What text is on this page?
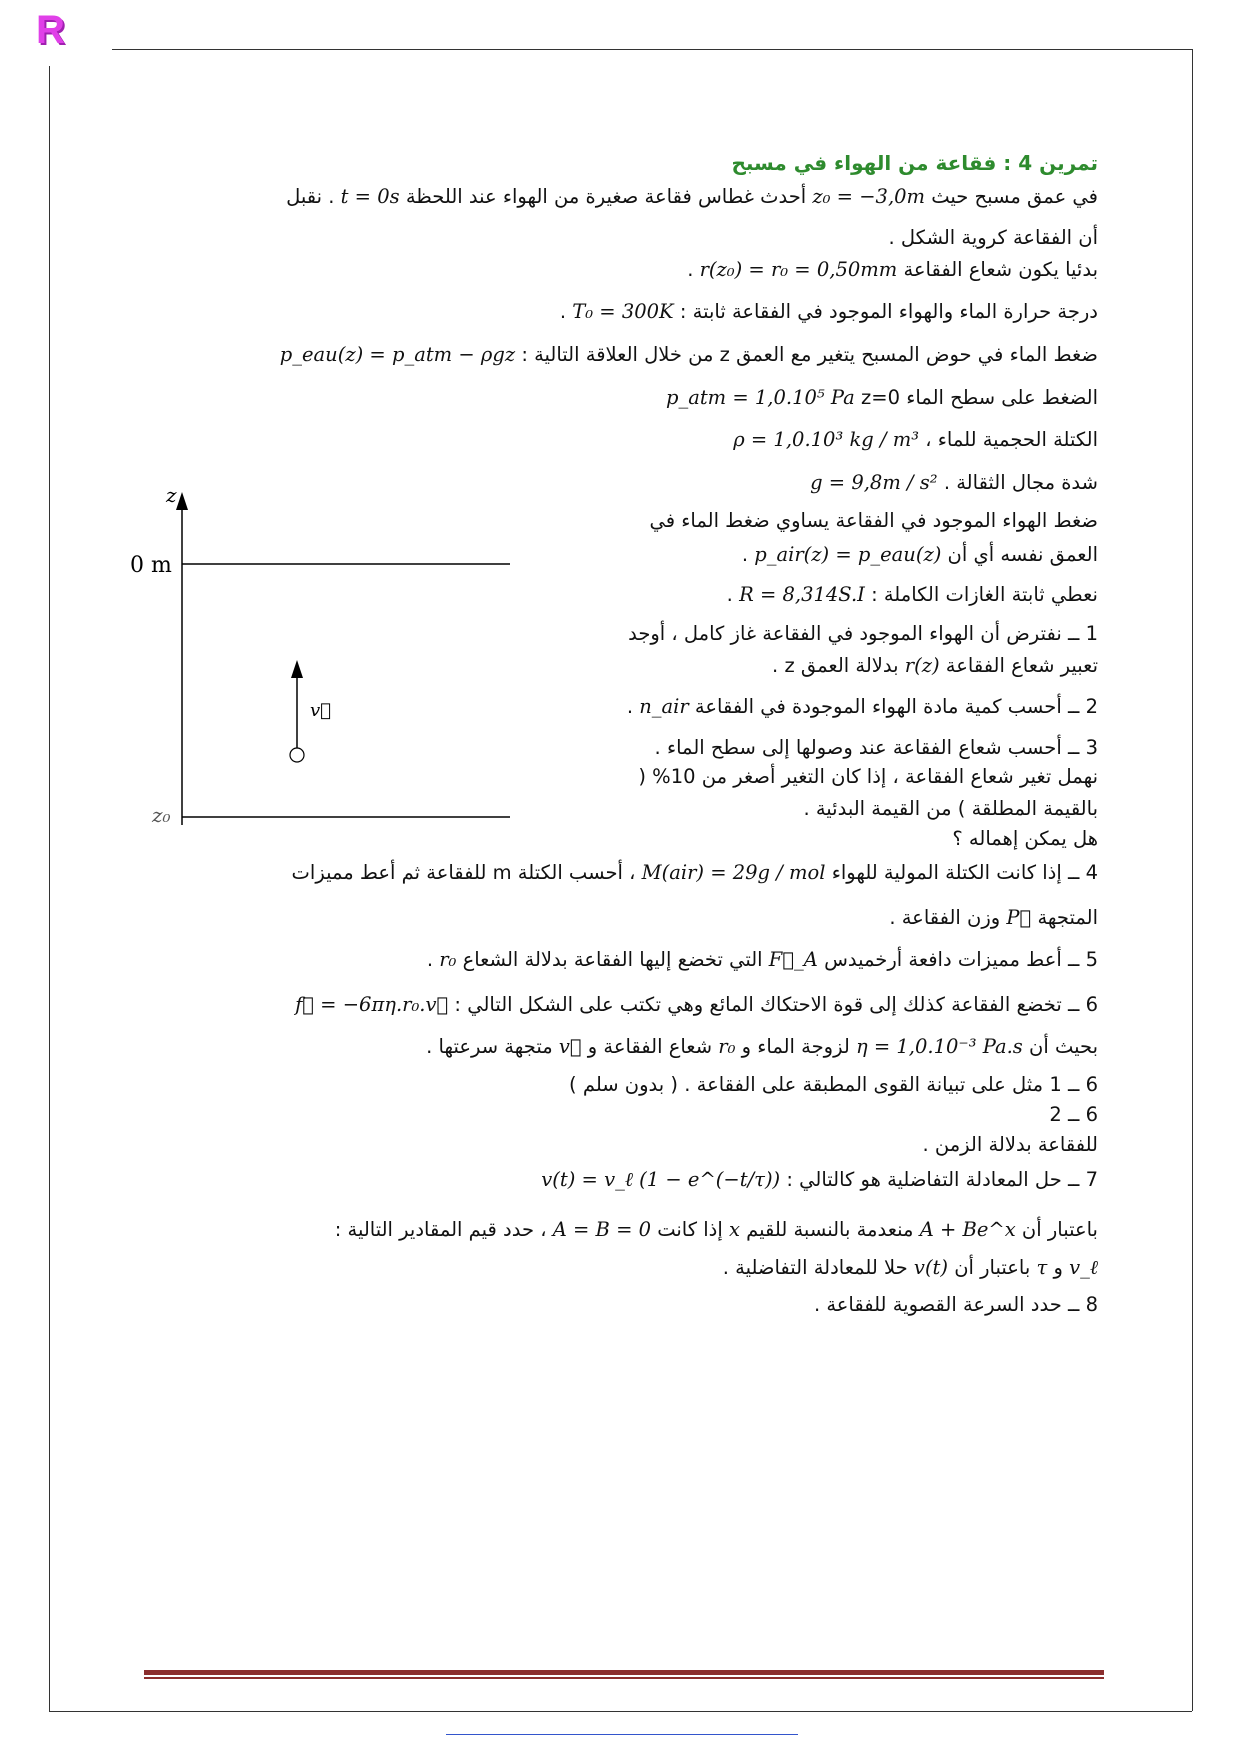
R
تمرين 4 : فقاعة من الهواء في مسبح
في عمق مسبح حيث z₀ = −3,0m أحدث غطاس فقاعة صغيرة من الهواء عند اللحظة t = 0s . نقبل
أن الفقاعة كروية الشكل .
بدئيا يكون شعاع الفقاعة r(z₀) = r₀ = 0,50mm .
درجة حرارة الماء والهواء الموجود في الفقاعة ثابتة : T₀ = 300K .
ضغط الماء في حوض المسبح يتغير مع العمق z من خلال العلاقة التالية : p_eau(z) = p_atm − ρgz
الضغط على سطح الماء z=0 p_atm = 1,0.10⁵ Pa
الكتلة الحجمية للماء ، ρ = 1,0.10³ kg / m³
شدة مجال الثقالة . g = 9,8m / s²
ضغط الهواء الموجود في الفقاعة يساوي ضغط الماء في
العمق نفسه أي أن p_air(z) = p_eau(z) .
نعطي ثابتة الغازات الكاملة : R = 8,314S.I .
1 ــ نفترض أن الهواء الموجود في الفقاعة غاز كامل ، أوجد
تعبير شعاع الفقاعة r(z) بدلالة العمق z .
2 ــ أحسب كمية مادة الهواء الموجودة في الفقاعة n_air .
3 ــ أحسب شعاع الفقاعة عند وصولها إلى سطح الماء .
نهمل تغير شعاع الفقاعة ، إذا كان التغير أصغر من 10% (
بالقيمة المطلقة ) من القيمة البدئية .
هل يمكن إهماله ؟
4 ــ إذا كانت الكتلة المولية للهواء M(air) = 29g / mol ، أحسب الكتلة m للفقاعة ثم أعط مميزات
المتجهة P⃗ وزن الفقاعة .
5 ــ أعط مميزات دافعة أرخميدس F⃗_A التي تخضع إليها الفقاعة بدلالة الشعاع r₀ .
6 ــ تخضع الفقاعة كذلك إلى قوة الاحتكاك المائع وهي تكتب على الشكل التالي : f⃗ = −6πη.r₀.v⃗
بحيث أن η = 1,0.10⁻³ Pa.s لزوجة الماء و r₀ شعاع الفقاعة و v⃗ متجهة سرعتها .
6 ــ 1 مثل على تبيانة القوى المطبقة على الفقاعة . ( بدون سلم )
6 ــ 2
للفقاعة بدلالة الزمن .
7 ــ حل المعادلة التفاضلية هو كالتالي : v(t) = v_ℓ (1 − e^(−t/τ))
باعتبار أن A + Be^x منعدمة بالنسبة للقيم x إذا كانت A = B = 0 ، حدد قيم المقادير التالية :
v_ℓ و τ باعتبار أن v(t) حلا للمعادلة التفاضلية .
8 ــ حدد السرعة القصوية للفقاعة .
z
0 m
z₀
v⃗
